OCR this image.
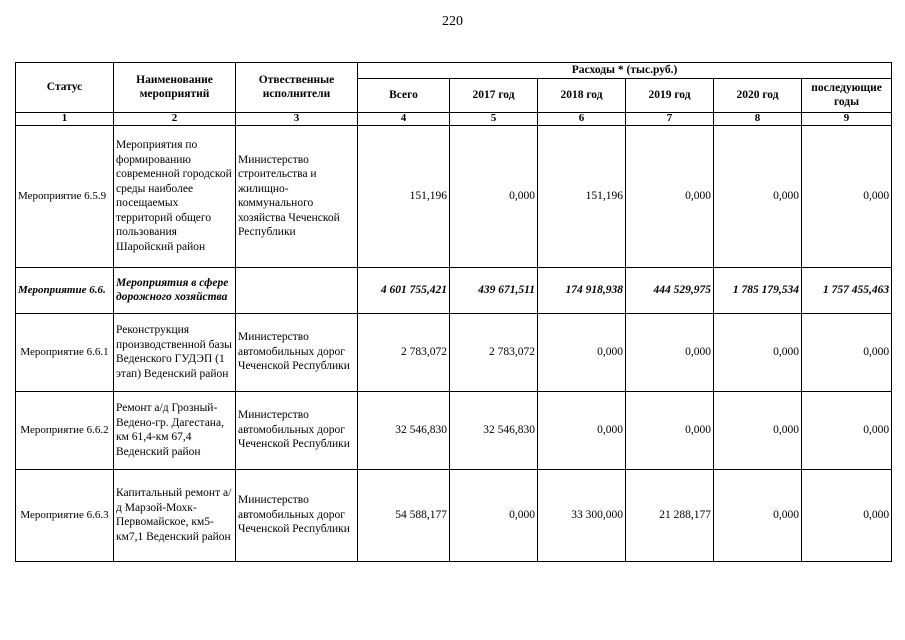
220
Статус	Наименование мероприятий	Отвественные исполнители	Расходы * (тыс.руб.)					
			Всего	2017 год	2018 год	2019 год	2020 год	последующие годы
1	2	3	4	5	6	7	8	9
Мероприятие 6.5.9	Мероприятия по формированию современной городской среды наиболее посещаемых территорий общего пользования Шаройский район	Министерство строительства и жилищно-коммунального хозяйства Чеченской Республики	151,196	0,000	151,196	0,000	0,000	0,000
Мероприятие 6.6.	Мероприятия в сфере дорожного хозяйства		4 601 755,421	439 671,511	174 918,938	444 529,975	1 785 179,534	1 757 455,463
Мероприятие 6.6.1	Реконструкция производственной базы Веденского ГУДЭП (1 этап) Веденский район	Министерство автомобильных дорог Чеченской Республики	2 783,072	2 783,072	0,000	0,000	0,000	0,000
Мероприятие 6.6.2	Ремонт а/д Грозный-Ведено-гр. Дагестана, км 61,4-км 67,4 Веденский район	Министерство автомобильных дорог Чеченской Республики	32 546,830	32 546,830	0,000	0,000	0,000	0,000
Мероприятие 6.6.3	Капитальный ремонт а/д Марзой-Мохк-Первомайское, км5-км7,1 Веденский район	Министерство автомобильных дорог Чеченской Республики	54 588,177	0,000	33 300,000	21 288,177	0,000	0,000
